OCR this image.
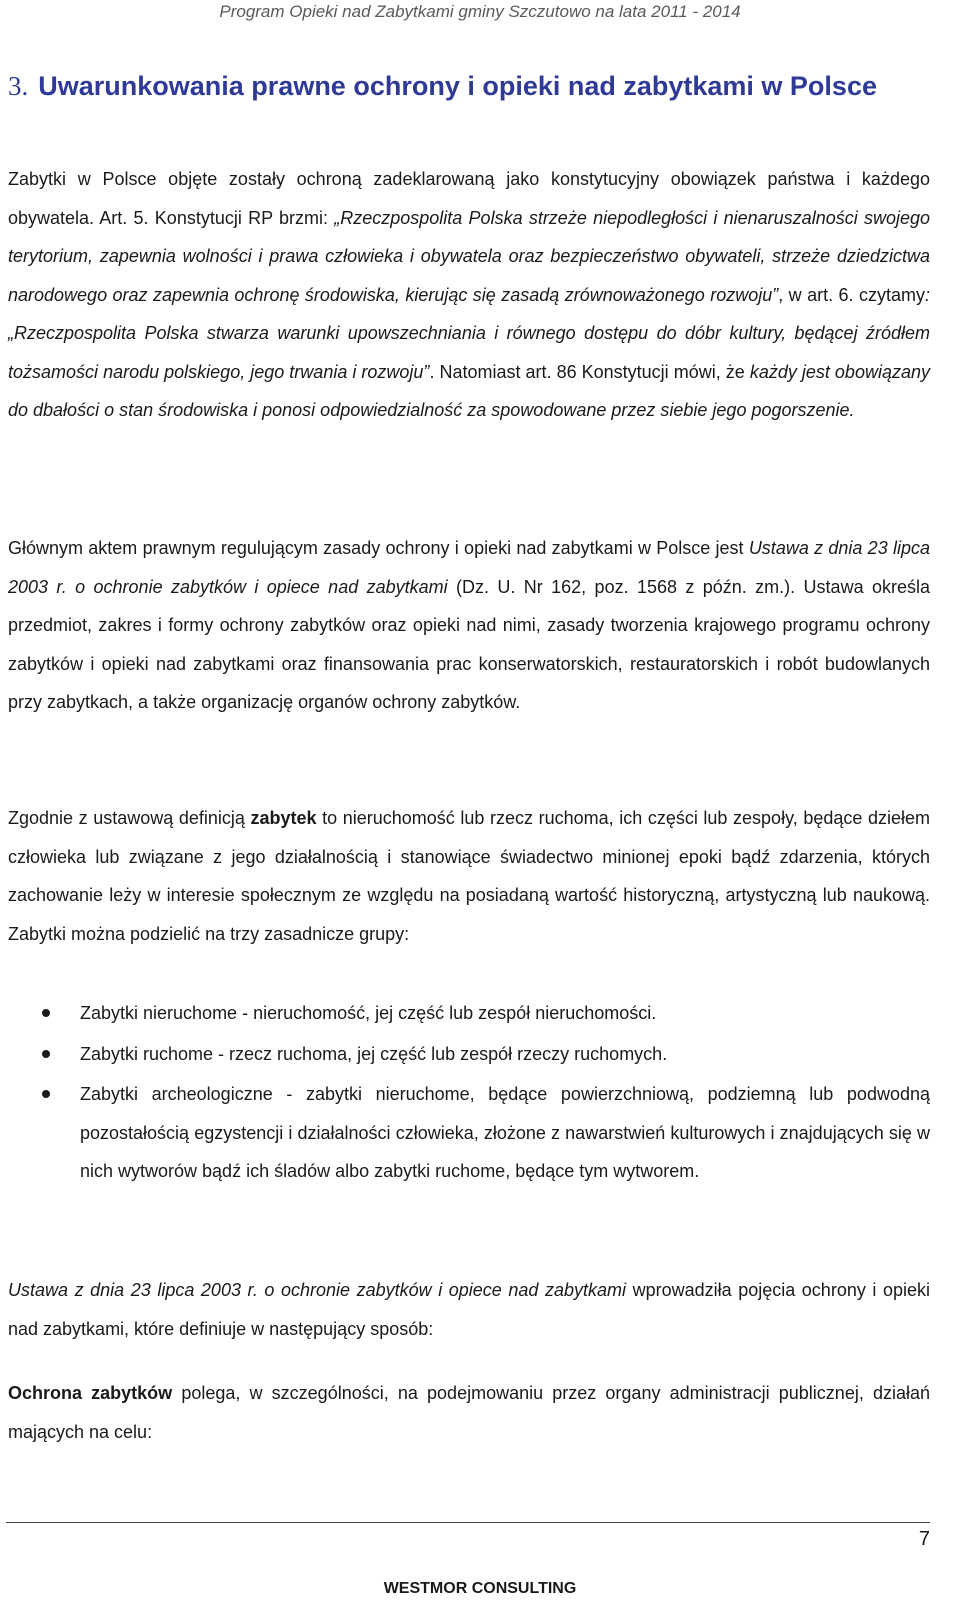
Program Opieki nad Zabytkami gminy Szczutowo na lata 2011 - 2014
3. Uwarunkowania prawne ochrony i opieki nad zabytkami w Polsce

Zabytki w Polsce objęte zostały ochroną zadeklarowaną jako konstytucyjny obowiązek państwa i każdego obywatela. Art. 5. Konstytucji RP brzmi: „Rzeczpospolita Polska strzeże niepodległości i nienaruszalności swojego terytorium, zapewnia wolności i prawa człowieka i obywatela oraz bezpieczeństwo obywateli, strzeże dziedzictwa narodowego oraz zapewnia ochronę środowiska, kierując się zasadą zrównoważonego rozwoju”, w art. 6. czytamy: „Rzeczpospolita Polska stwarza warunki upowszechniania i równego dostępu do dóbr kultury, będącej źródłem tożsamości narodu polskiego, jego trwania i rozwoju”. Natomiast art. 86 Konstytucji mówi, że każdy jest obowiązany do dbałości o stan środowiska i ponosi odpowiedzialność za spowodowane przez siebie jego pogorszenie.

Głównym aktem prawnym regulującym zasady ochrony i opieki nad zabytkami w Polsce jest Ustawa z dnia 23 lipca 2003 r. o ochronie zabytków i opiece nad zabytkami (Dz. U. Nr 162, poz. 1568 z późn. zm.). Ustawa określa przedmiot, zakres i formy ochrony zabytków oraz opieki nad nimi, zasady tworzenia krajowego programu ochrony zabytków i opieki nad zabytkami oraz finansowania prac konserwatorskich, restauratorskich i robót budowlanych przy zabytkach, a także organizację organów ochrony zabytków.

Zgodnie z ustawową definicją zabytek to nieruchomość lub rzecz ruchoma, ich części lub zespoły, będące dziełem człowieka lub związane z jego działalnością i stanowiące świadectwo minionej epoki bądź zdarzenia, których zachowanie leży w interesie społecznym ze względu na posiadaną wartość historyczną, artystyczną lub naukową. Zabytki można podzielić na trzy zasadnicze grupy:

Zabytki nieruchome - nieruchomość, jej część lub zespół nieruchomości.
Zabytki ruchome - rzecz ruchoma, jej część lub zespół rzeczy ruchomych.
Zabytki archeologiczne - zabytki nieruchome, będące powierzchniową, podziemną lub podwodną pozostałością egzystencji i działalności człowieka, złożone z nawarstwień kulturowych i znajdujących się w nich wytworów bądź ich śladów albo zabytki ruchome, będące tym wytworem.

Ustawa z dnia 23 lipca 2003 r. o ochronie zabytków i opiece nad zabytkami wprowadziła pojęcia ochrony i opieki nad zabytkami, które definiuje w następujący sposób:

Ochrona zabytków polega, w szczególności, na podejmowaniu przez organy administracji publicznej, działań mających na celu:

7
WESTMOR CONSULTING
